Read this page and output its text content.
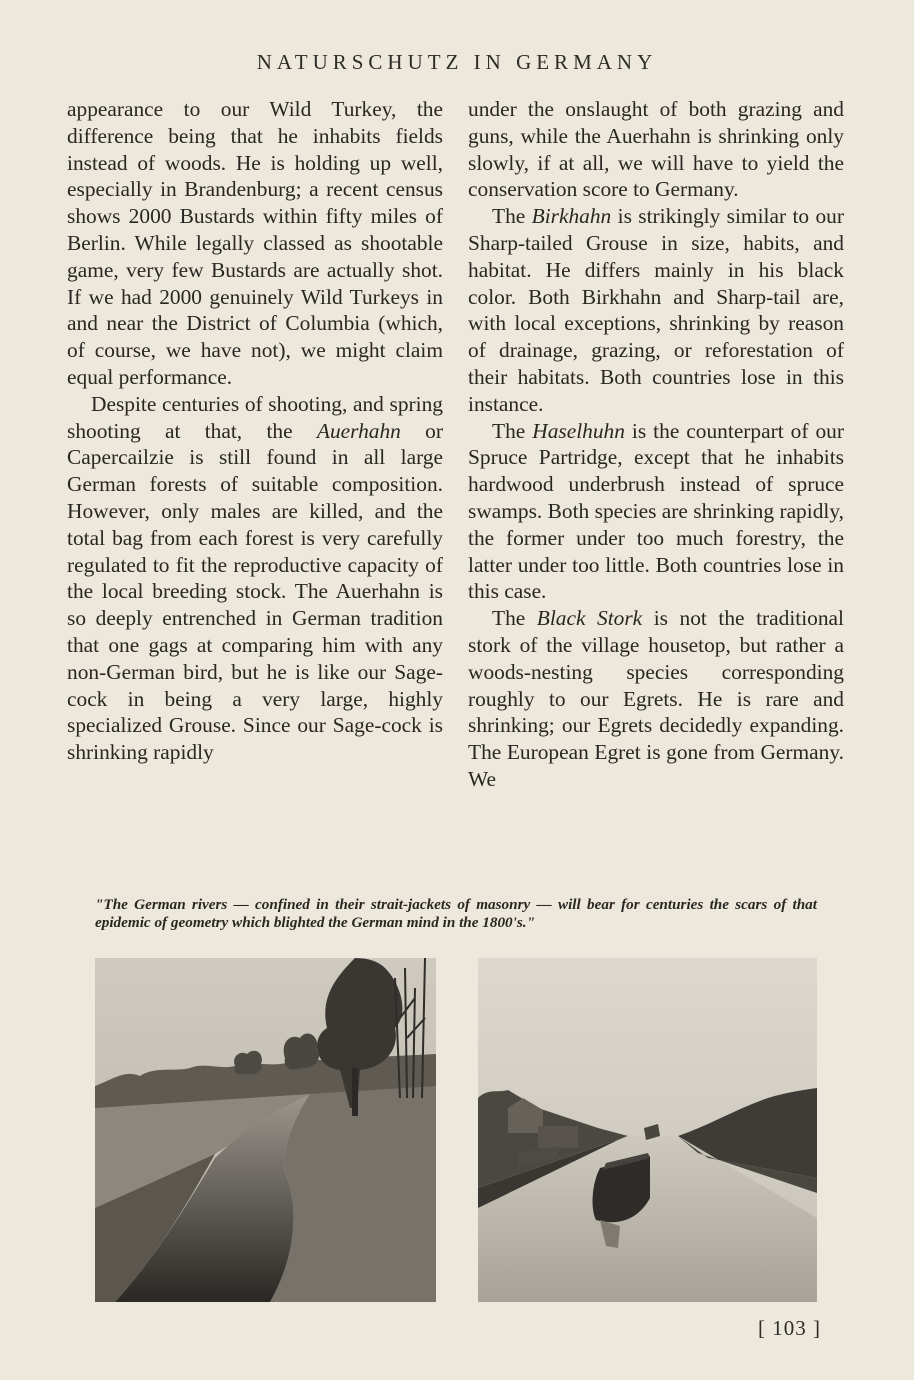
NATURSCHUTZ IN GERMANY

appearance to our Wild Turkey, the difference being that he inhabits fields instead of woods. He is holding up well, especially in Brandenburg; a recent census shows 2000 Bustards within fifty miles of Berlin. While legally classed as shootable game, very few Bustards are actually shot. If we had 2000 genuinely Wild Turkeys in and near the District of Columbia (which, of course, we have not), we might claim equal performance.

Despite centuries of shooting, and spring shooting at that, the Auerhahn or Capercailzie is still found in all large German forests of suitable composition. However, only males are killed, and the total bag from each forest is very carefully regulated to fit the reproductive capacity of the local breeding stock. The Auerhahn is so deeply entrenched in German tradition that one gags at comparing him with any non-German bird, but he is like our Sage-cock in being a very large, highly specialized Grouse. Since our Sage-cock is shrinking rapidly

under the onslaught of both grazing and guns, while the Auerhahn is shrinking only slowly, if at all, we will have to yield the conservation score to Germany.

The Birkhahn is strikingly similar to our Sharp-tailed Grouse in size, habits, and habitat. He differs mainly in his black color. Both Birkhahn and Sharp-tail are, with local exceptions, shrinking by reason of drainage, grazing, or reforestation of their habitats. Both countries lose in this instance.

The Haselhuhn is the counterpart of our Spruce Partridge, except that he inhabits hardwood underbrush instead of spruce swamps. Both species are shrinking rapidly, the former under too much forestry, the latter under too little. Both countries lose in this case.

The Black Stork is not the traditional stork of the village housetop, but rather a woods-nesting species corresponding roughly to our Egrets. He is rare and shrinking; our Egrets decidedly expanding. The European Egret is gone from Germany. We

"The German rivers — confined in their strait-jackets of masonry — will bear for centuries the scars of that epidemic of geometry which blighted the German mind in the 1800's."
[ 103 ]
